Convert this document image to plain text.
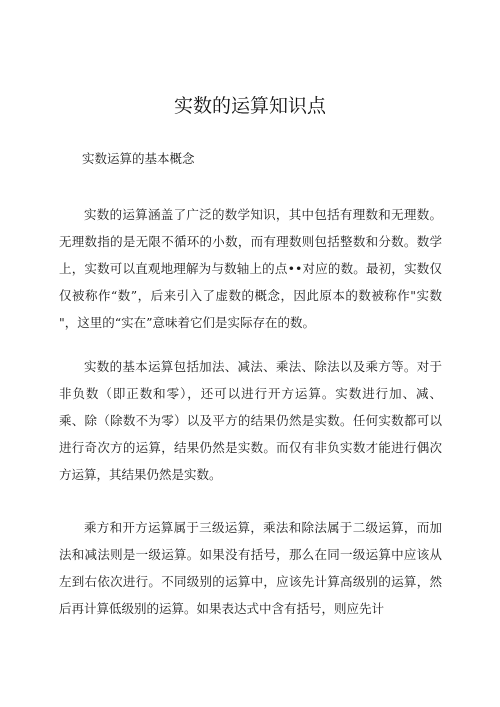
实数的运算知识点
实数运算的基本概念
实数的运算涵盖了广泛的数学知识，其中包括有理数和无理数。
无理数指的是无限不循环的小数，而有理数则包括整数和分数。数学
上，实数可以直观地理解为与数轴上的点••对应的数。最初，实数仅
仅被称作“数”，后来引入了虚数的概念，因此原本的数被称作"实数
"，这里的“实在”意味着它们是实际存在的数。
实数的基本运算包括加法、减法、乘法、除法以及乘方等。对于
非负数（即正数和零），还可以进行开方运算。实数进行加、减、
乘、除（除数不为零）以及平方的结果仍然是实数。任何实数都可以
进行奇次方的运算，结果仍然是实数。而仅有非负实数才能进行偶次
方运算，其结果仍然是实数。
乘方和开方运算属于三级运算，乘法和除法属于二级运算，而加
法和减法则是一级运算。如果没有括号，那么在同一级运算中应该从
左到右依次进行。不同级别的运算中，应该先计算高级别的运算，然
后再计算低级别的运算。如果表达式中含有括号，则应先计
